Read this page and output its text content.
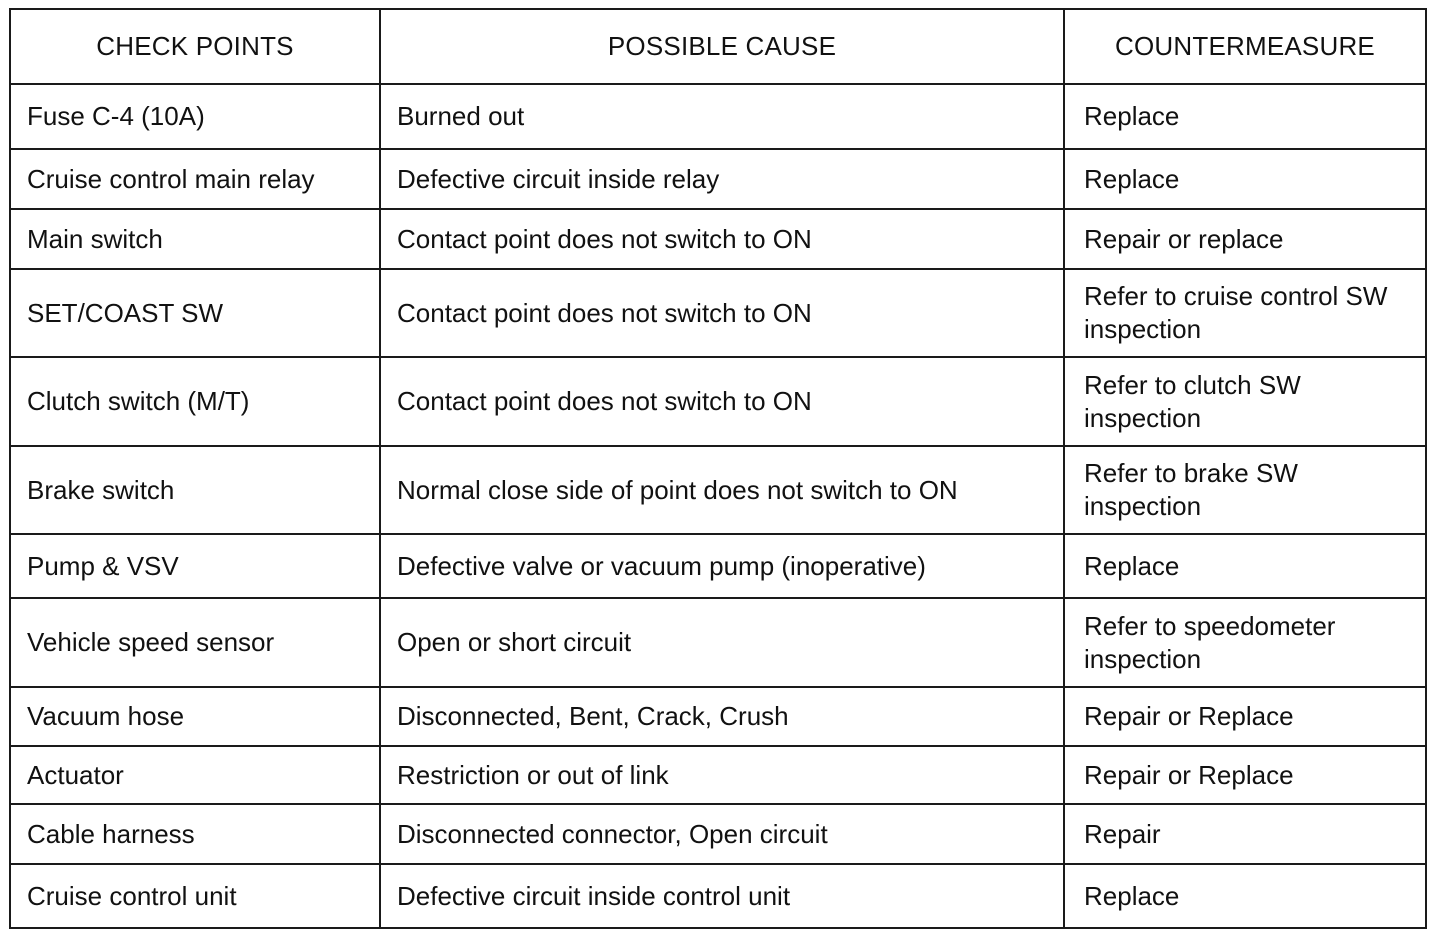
CHECK POINTS	POSSIBLE CAUSE	COUNTERMEASURE
Fuse C-4 (10A)	Burned out	Replace
Cruise control main relay	Defective circuit inside relay	Replace
Main switch	Contact point does not switch to ON	Repair or replace
SET/COAST SW	Contact point does not switch to ON	Refer to cruise control SW inspection
Clutch switch (M/T)	Contact point does not switch to ON	Refer to clutch SW inspection
Brake switch	Normal close side of point does not switch to ON	Refer to brake SW inspection
Pump & VSV	Defective valve or vacuum pump (inoperative)	Replace
Vehicle speed sensor	Open or short circuit	Refer to speedometer inspection
Vacuum hose	Disconnected, Bent, Crack, Crush	Repair or Replace
Actuator	Restriction or out of link	Repair or Replace
Cable harness	Disconnected connector, Open circuit	Repair
Cruise control unit	Defective circuit inside control unit	Replace
